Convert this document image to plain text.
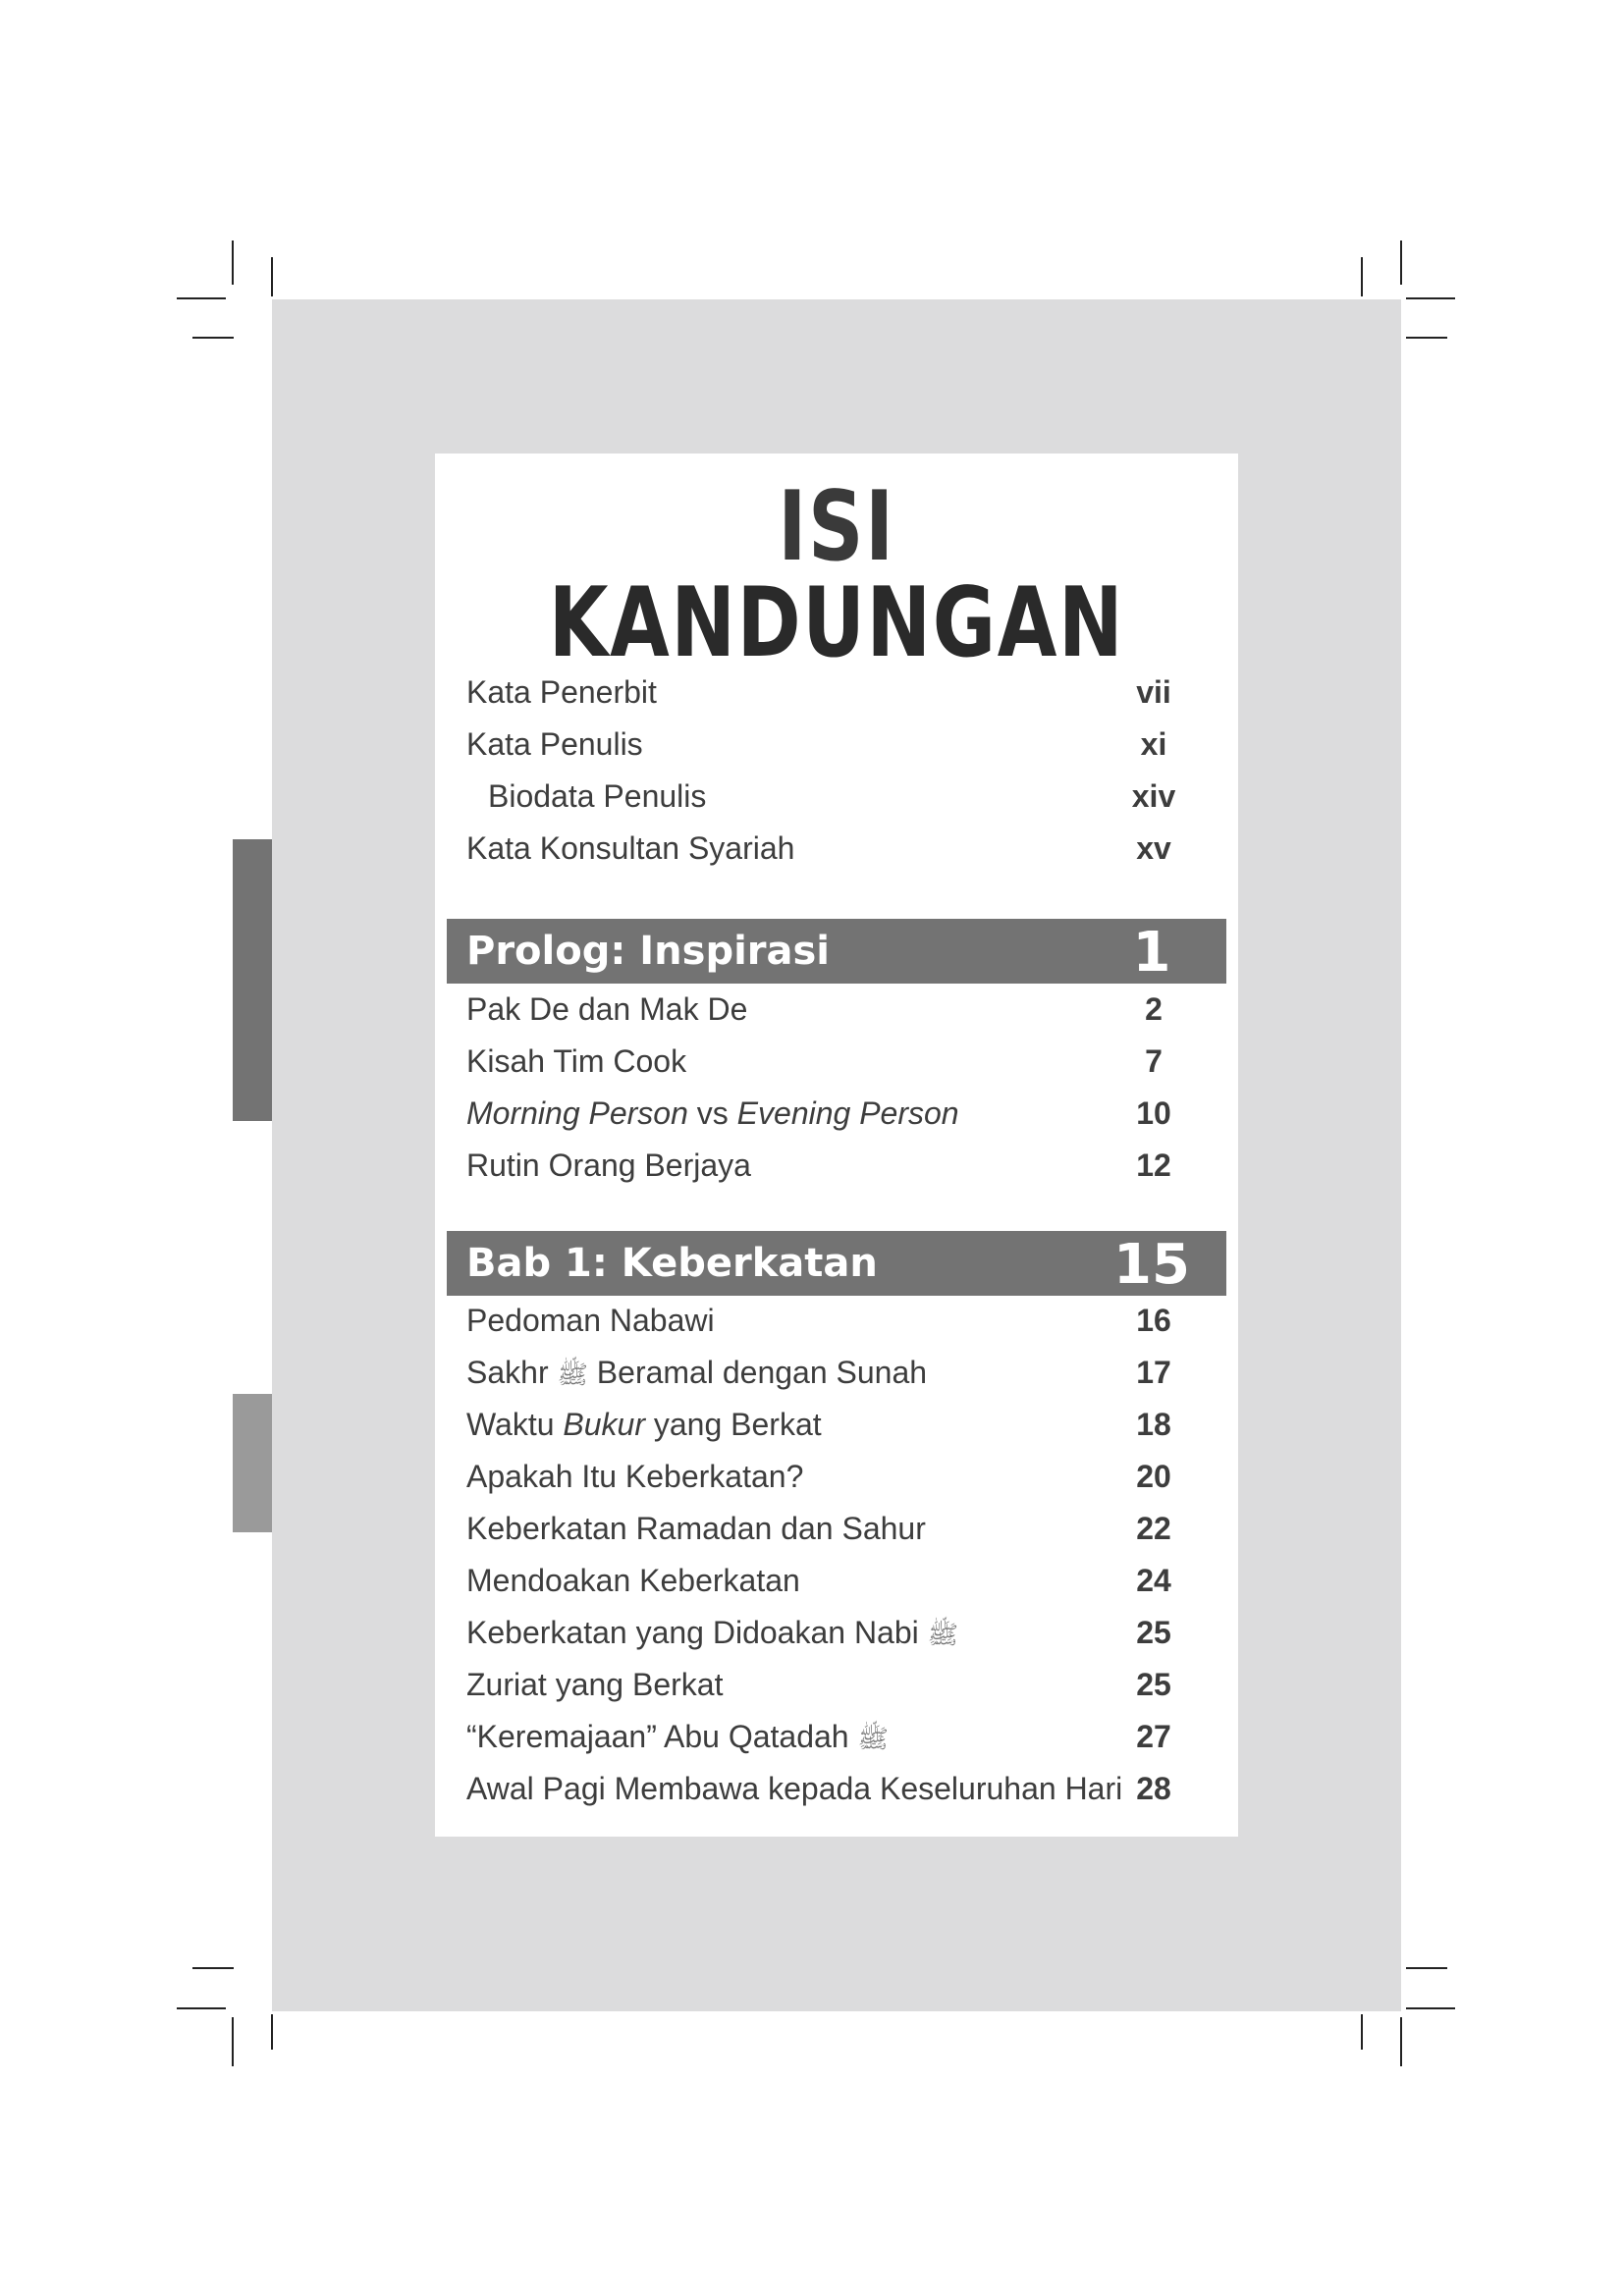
ISI KANDUNGAN
Kata Penerbit	vii
Kata Penulis	xi
Biodata Penulis	xiv
Kata Konsultan Syariah	xv
Prolog: Inspirasi	1
Pak De dan Mak De	2
Kisah Tim Cook	7
Morning Person vs Evening Person	10
Rutin Orang Berjaya	12
Bab 1: Keberkatan	15
Pedoman Nabawi	16
Sakhr ﷺ Beramal dengan Sunah	17
Waktu Bukur yang Berkat	18
Apakah Itu Keberkatan?	20
Keberkatan Ramadan dan Sahur	22
Mendoakan Keberkatan	24
Keberkatan yang Didoakan Nabi ﷺ	25
Zuriat yang Berkat	25
“Keremajaan” Abu Qatadah ﷺ	27
Awal Pagi Membawa kepada Keseluruhan Hari 28
